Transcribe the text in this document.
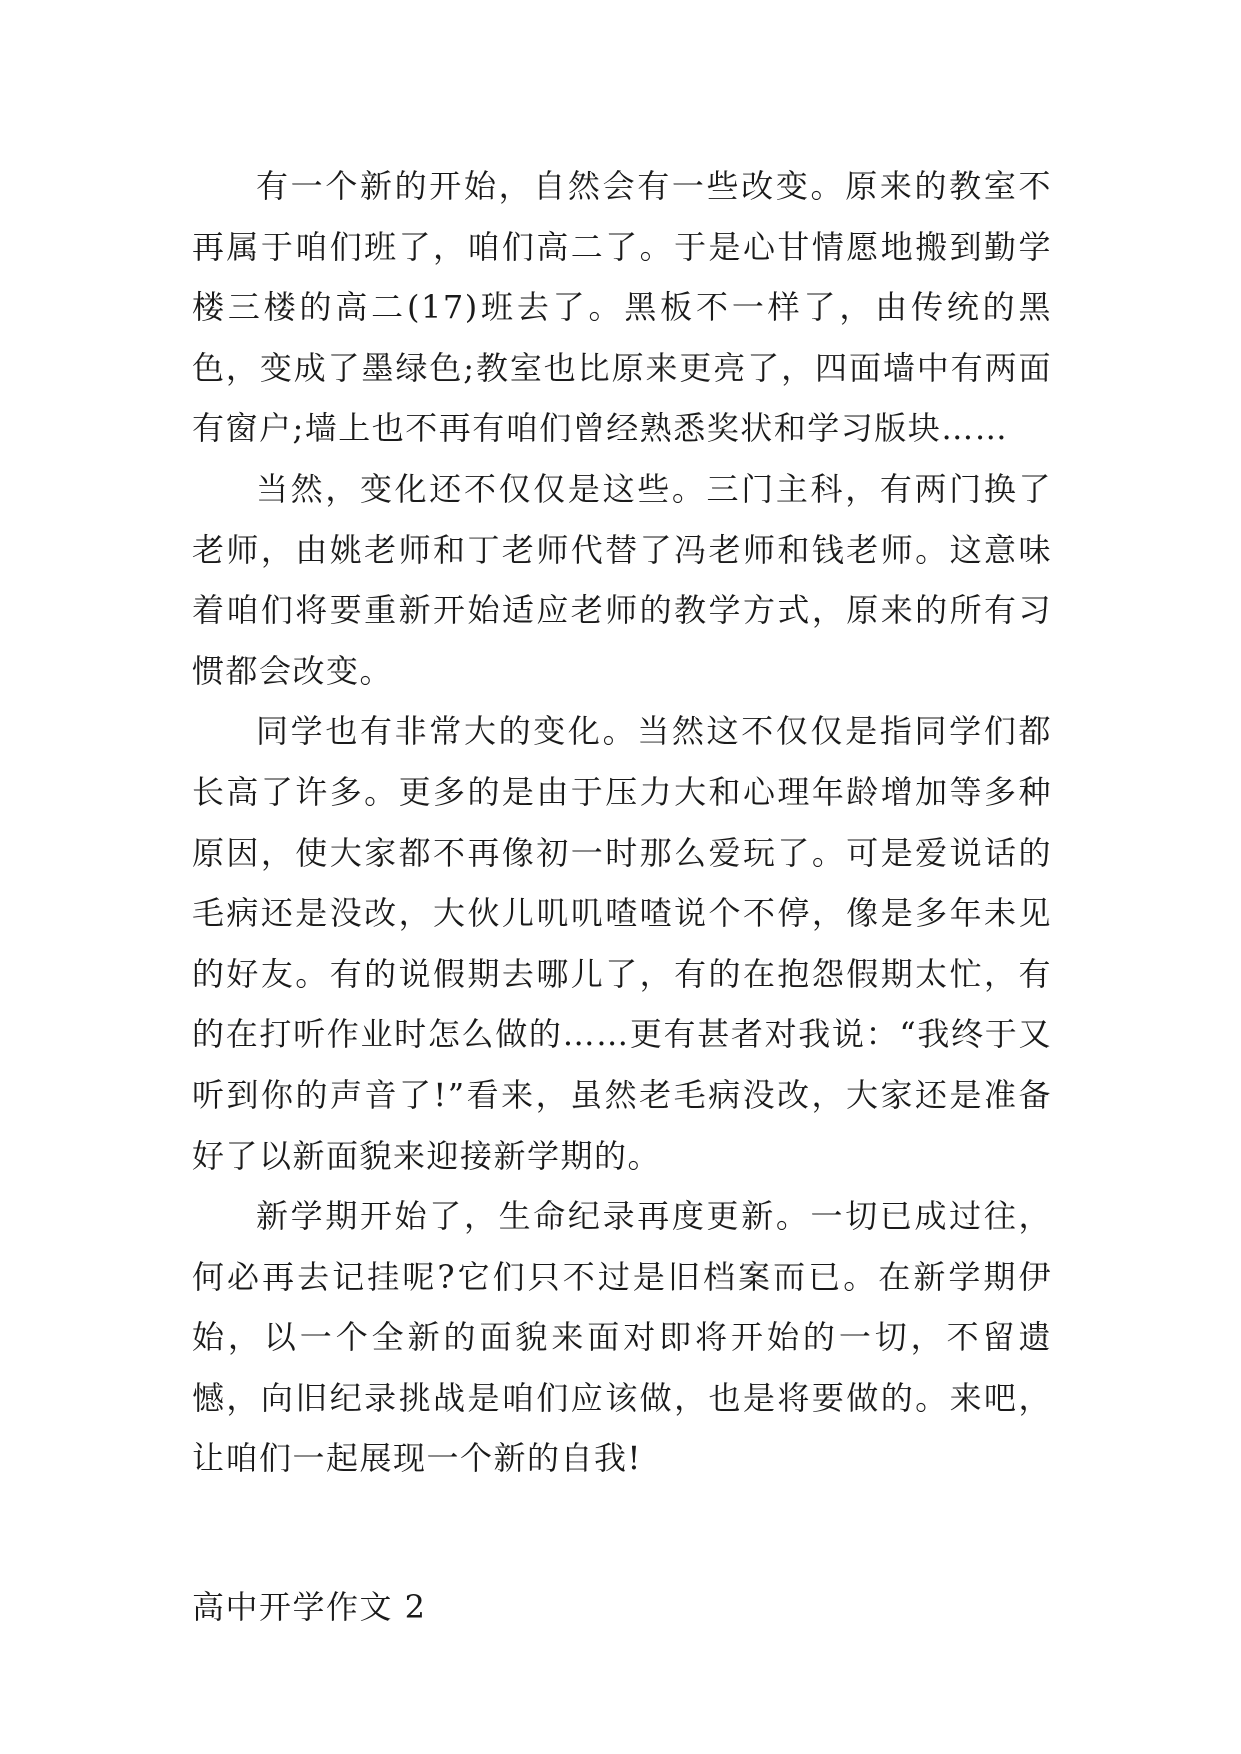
有一个新的开始，自然会有一些改变。原来的教室不再属于咱们班了，咱们高二了。于是心甘情愿地搬到勤学楼三楼的高二(17)班去了。黑板不一样了，由传统的黑色，变成了墨绿色;教室也比原来更亮了，四面墙中有两面有窗户;墙上也不再有咱们曾经熟悉奖状和学习版块……

当然，变化还不仅仅是这些。三门主科，有两门换了老师，由姚老师和丁老师代替了冯老师和钱老师。这意味着咱们将要重新开始适应老师的教学方式，原来的所有习惯都会改变。

同学也有非常大的变化。当然这不仅仅是指同学们都长高了许多。更多的是由于压力大和心理年龄增加等多种原因，使大家都不再像初一时那么爱玩了。可是爱说话的毛病还是没改，大伙儿叽叽喳喳说个不停，像是多年未见的好友。有的说假期去哪儿了，有的在抱怨假期太忙，有的在打听作业时怎么做的……更有甚者对我说：“我终于又听到你的声音了!”看来，虽然老毛病没改，大家还是准备好了以新面貌来迎接新学期的。

新学期开始了，生命纪录再度更新。一切已成过往，何必再去记挂呢?它们只不过是旧档案而已。在新学期伊始，以一个全新的面貌来面对即将开始的一切，不留遗憾，向旧纪录挑战是咱们应该做，也是将要做的。来吧，让咱们一起展现一个新的自我!

高中开学作文 2
